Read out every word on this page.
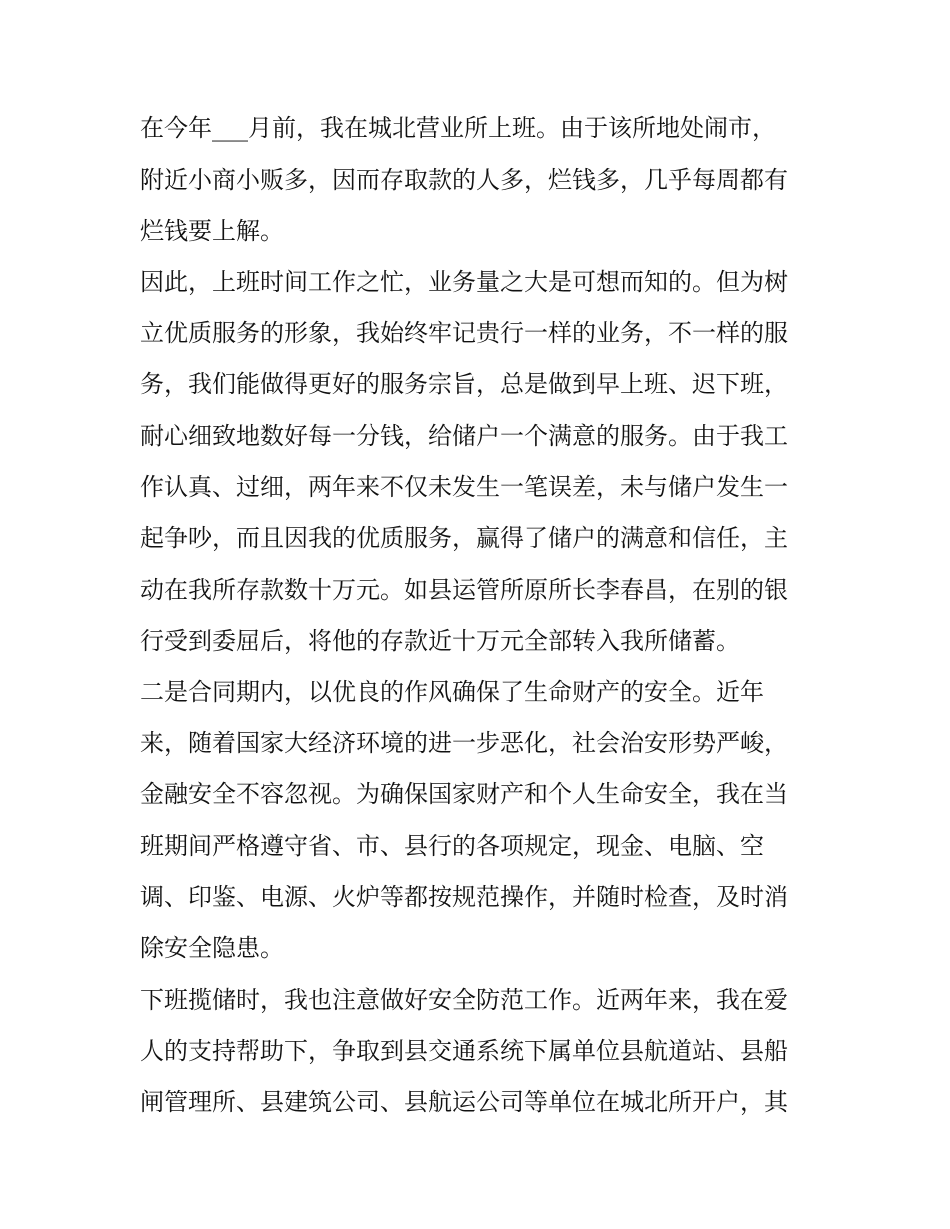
在今年___月前，我在城北营业所上班。由于该所地处闹市，
附近小商小贩多，因而存取款的人多，烂钱多，几乎每周都有
烂钱要上解。
因此，上班时间工作之忙，业务量之大是可想而知的。但为树
立优质服务的形象，我始终牢记贵行一样的业务，不一样的服
务，我们能做得更好的服务宗旨，总是做到早上班、迟下班，
耐心细致地数好每一分钱，给储户一个满意的服务。由于我工
作认真、过细，两年来不仅未发生一笔误差，未与储户发生一
起争吵，而且因我的优质服务，赢得了储户的满意和信任，主
动在我所存款数十万元。如县运管所原所长李春昌，在别的银
行受到委屈后，将他的存款近十万元全部转入我所储蓄。
二是合同期内，以优良的作风确保了生命财产的安全。近年
来，随着国家大经济环境的进一步恶化，社会治安形势严峻，
金融安全不容忽视。为确保国家财产和个人生命安全，我在当
班期间严格遵守省、市、县行的各项规定，现金、电脑、空
调、印鉴、电源、火炉等都按规范操作，并随时检查，及时消
除安全隐患。
下班揽储时，我也注意做好安全防范工作。近两年来，我在爱
人的支持帮助下，争取到县交通系统下属单位县航道站、县船
闸管理所、县建筑公司、县航运公司等单位在城北所开户，其
